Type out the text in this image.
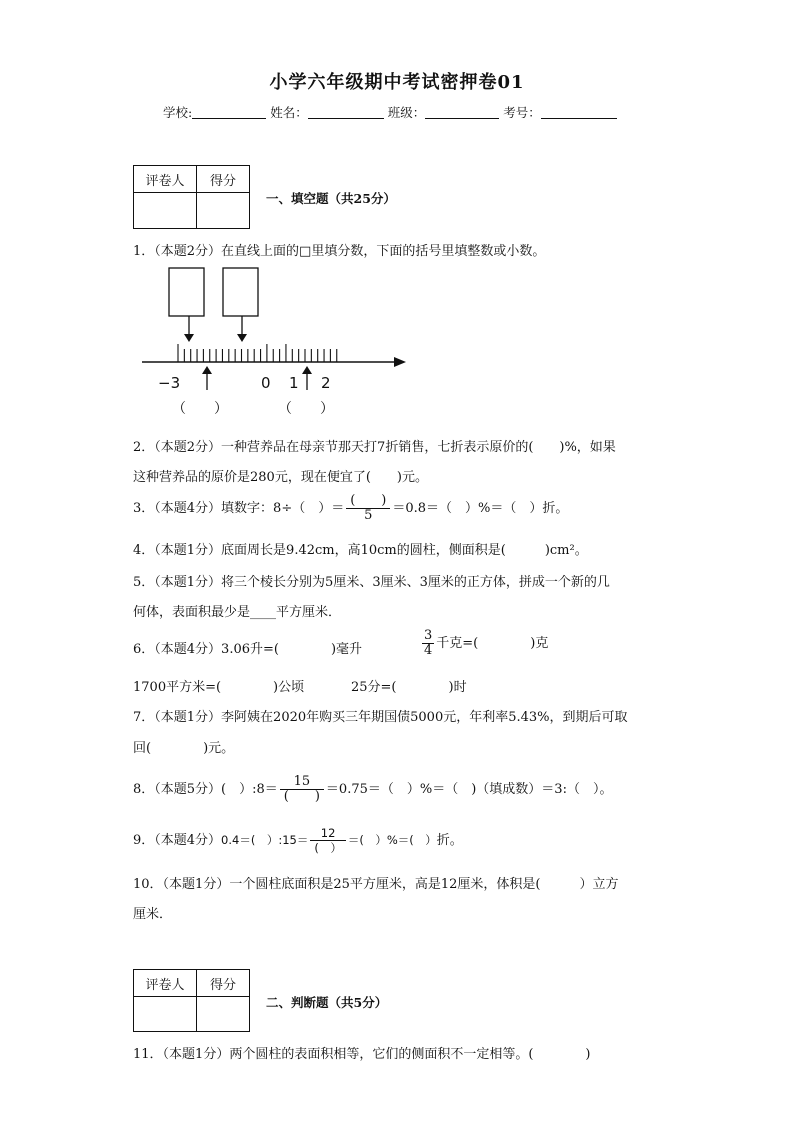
小学六年级期中考试密押卷01
学校:	姓名：	班级：	考号：
评卷人	得分

一、填空题（共25分）
1．（本题2分）在直线上面的□里填分数，下面的括号里填整数或小数。
−3	0 1 2
（　　）	（　　）
2．（本题2分）一种营养品在母亲节那天打7折销售，七折表示原价的(　　)%，如果
这种营养品的原价是280元，现在便宜了(　　)元。
3．（本题4分）填数字：8÷（　）＝ $\frac{( )}{5} =0.8=$（　）%＝（　）折。
4．（本题1分）底面周长是9.42cm，高10cm的圆柱，侧面积是(　　　)cm²。
5．（本题1分）将三个棱长分别为5厘米、3厘米、3厘米的正方体，拼成一个新的几
何体，表面积最少是____平方厘米．
6．（本题4分）3.06升=(　　　　)毫升	$\frac{3}{4}$ 千克=(　　　　)克
1700平方米=(　　　　)公顷	25分=(　　　　)时
7．（本题1分）李阿姨在2020年购买三年期国债5000元，年利率5.43%，到期后可取
回(　　　　)元。
8．（本题5分）(　）:8＝ $\frac{15}{( )} =0.75=$（　）%＝（　)（填成数）＝3:（　）。
9．（本题4分）0.4＝(　）:15＝ $\frac{12}{( )}$ ＝(　）%＝(　）折。
10．（本题1分）一个圆柱底面积是25平方厘米，高是12厘米，体积是(　　　）立方
厘米．
评卷人	得分

二、判断题（共5分）
11．（本题1分）两个圆柱的表面积相等，它们的侧面积不一定相等。(　　　　)
